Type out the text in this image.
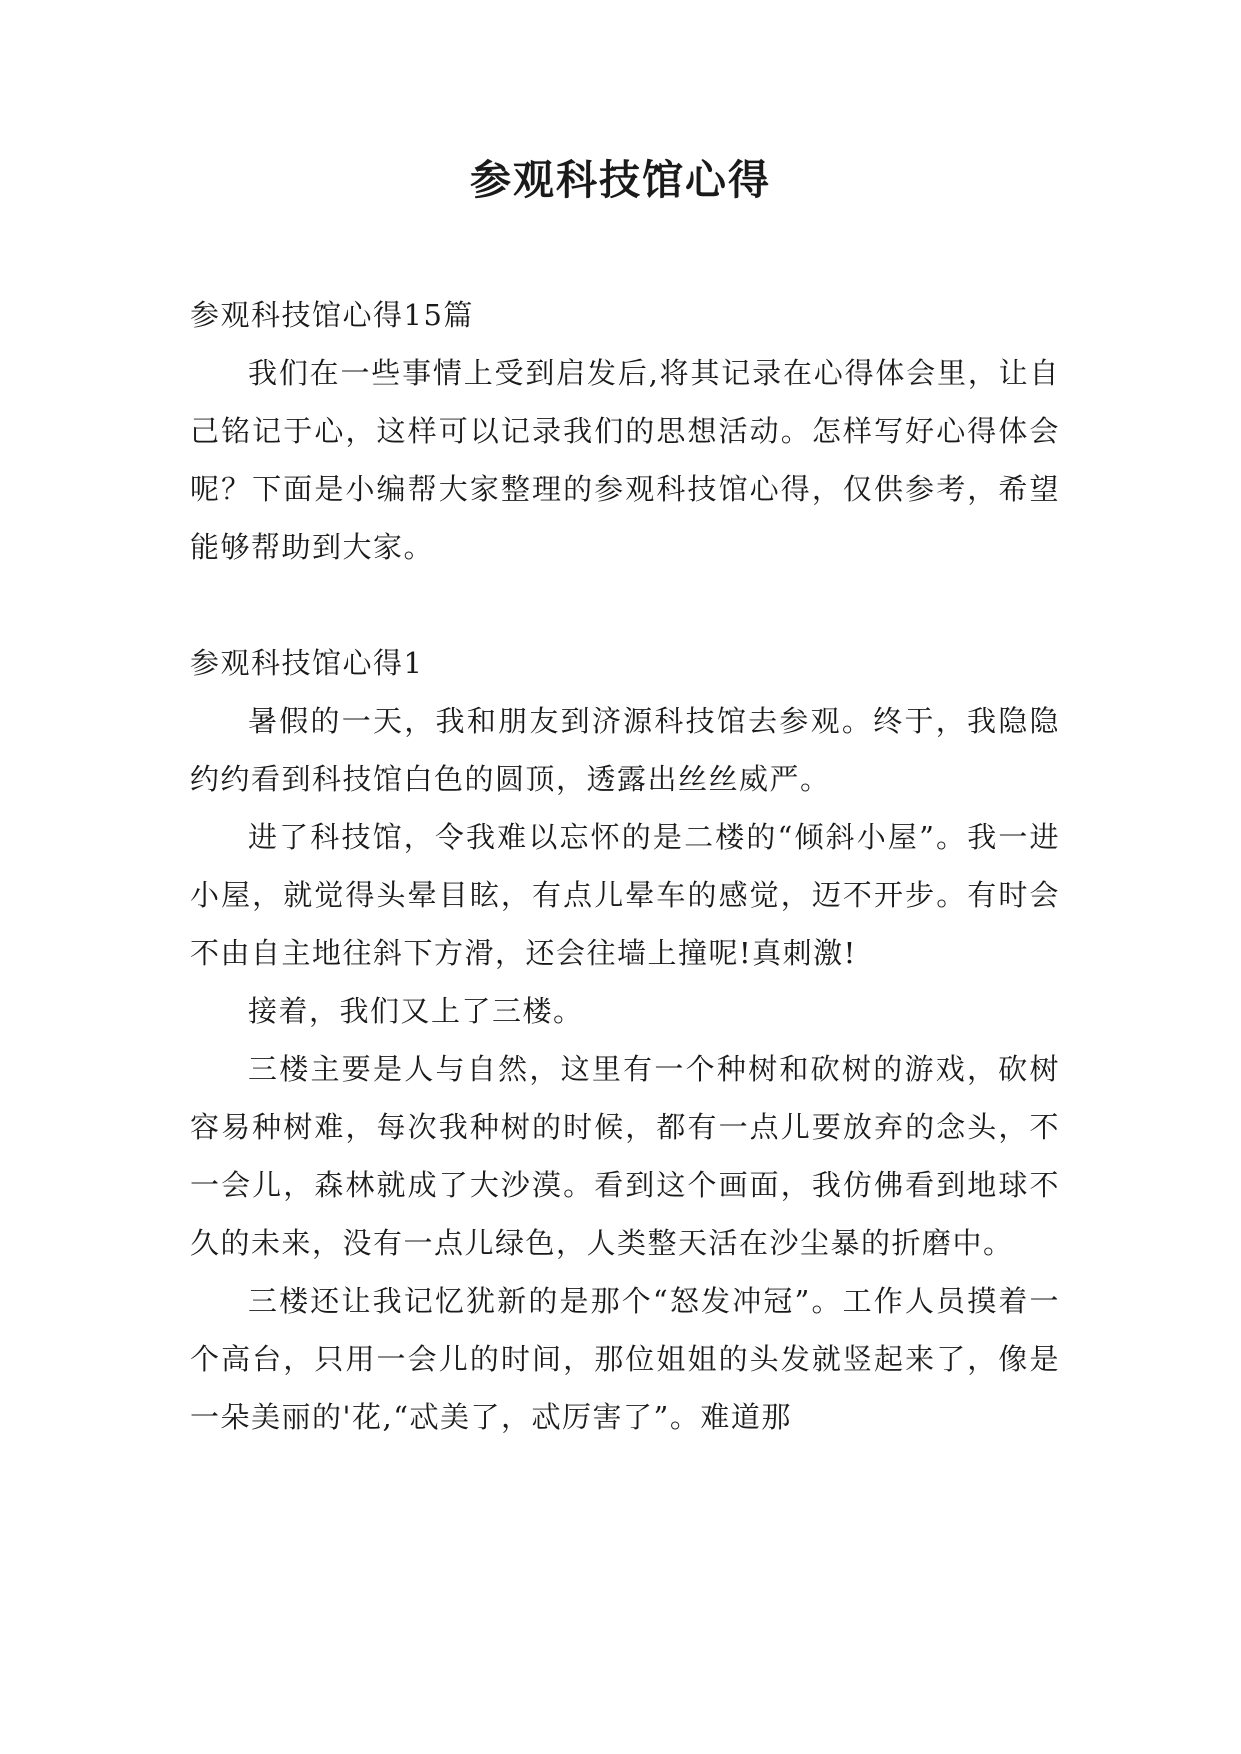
参观科技馆心得

参观科技馆心得15篇

我们在一些事情上受到启发后,将其记录在心得体会里，让自己铭记于心，这样可以记录我们的思想活动。怎样写好心得体会呢？下面是小编帮大家整理的参观科技馆心得，仅供参考，希望能够帮助到大家。

参观科技馆心得1

暑假的一天，我和朋友到济源科技馆去参观。终于，我隐隐约约看到科技馆白色的圆顶，透露出丝丝威严。

进了科技馆，令我难以忘怀的是二楼的“倾斜小屋”。我一进小屋，就觉得头晕目眩，有点儿晕车的感觉，迈不开步。有时会不由自主地往斜下方滑，还会往墙上撞呢!真刺激!

接着，我们又上了三楼。

三楼主要是人与自然，这里有一个种树和砍树的游戏，砍树容易种树难，每次我种树的时候，都有一点儿要放弃的念头，不一会儿，森林就成了大沙漠。看到这个画面，我仿佛看到地球不久的未来，没有一点儿绿色，人类整天活在沙尘暴的折磨中。

三楼还让我记忆犹新的是那个“怒发冲冠”。工作人员摸着一个高台，只用一会儿的时间，那位姐姐的头发就竖起来了，像是一朵美丽的'花,“忒美了，忒厉害了”。难道那
